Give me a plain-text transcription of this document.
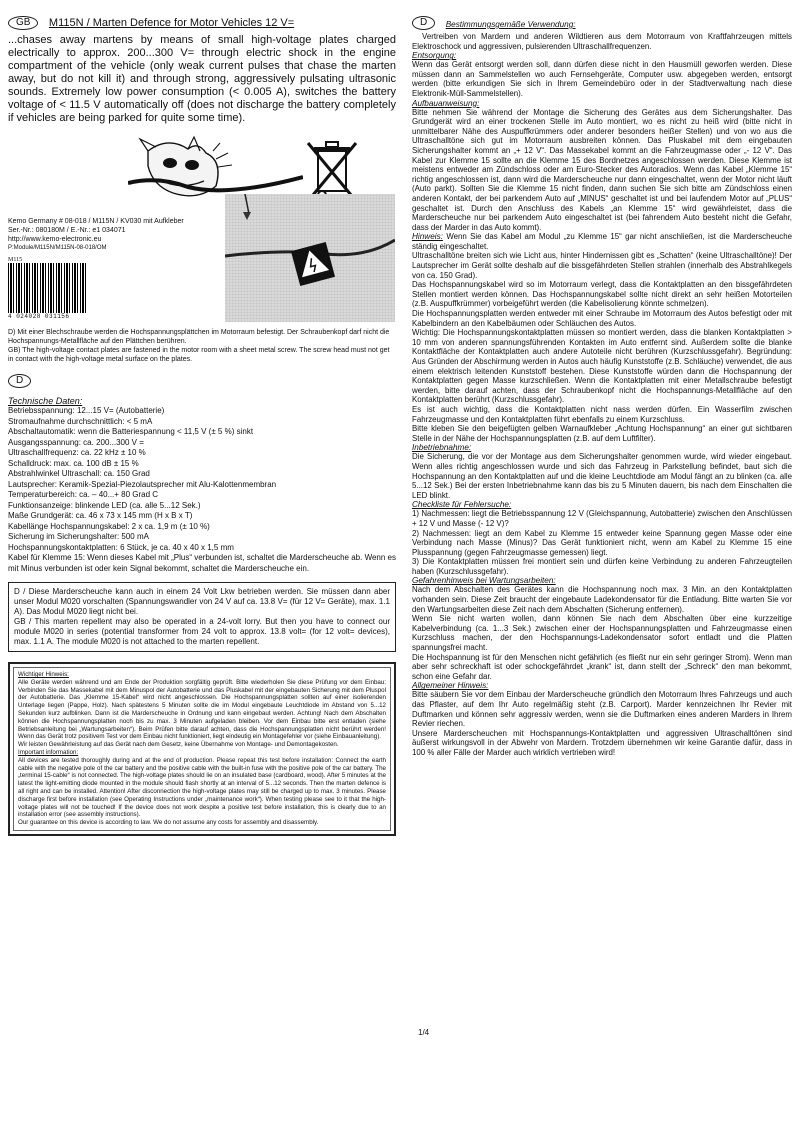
GB M115N / Marten Defence for Motor Vehicles 12 V=
...chases away martens by means of small high-voltage plates charged electrically to approx. 200...300 V= through electric shock in the engine compartment of the vehicle (only weak current pulses that chase the marten away, but do not kill it) and through strong, aggressively pulsating ultrasonic sounds. Extremely low power consumption (< 0.005 A), switches the battery voltage of < 11.5 V automatically off (does not discharge the battery completely if vehicles are being parked for quite some time).
Kemo Germany # 08-018 / M115N / KV030 mit Aufkleber
Ser.-Nr.: 080180M / E.-Nr.: e1 034071
http://www.kemo-electronic.eu
P:Module/M115N/M115N-08-018/OM
M115
4 024028 031156
D) Mit einer Blechschraube werden die Hochspannungsplättchen im Motorraum befestigt. Der Schraubenkopf darf nicht die Hochspannungs-Metallfläche auf den Plättchen berühren.
GB) The high-voltage contact plates are fastened in the motor room with a sheet metal screw. The screw head must not get in contact with the high-voltage metal surface on the plates.
D
Technische Daten:

Betriebsspannung: 12...15 V= (Autobatterie)

Stromaufnahme durchschnittlich: < 5 mA

Abschaltautomatik: wenn die Batteriespannung < 11,5 V (± 5 %) sinkt

Ausgangsspannung: ca. 200...300 V =

Ultraschallfrequenz: ca. 22 kHz ± 10 %

Schalldruck: max. ca. 100 dB ± 15 %

Abstrahlwinkel Ultraschall: ca. 150 Grad

Lautsprecher: Keramik-Spezial-Piezolautsprecher mit Alu-Kalottenmembran

Temperaturbereich: ca. – 40...+ 80 Grad C

Funktionsanzeige: blinkende LED (ca. alle 5...12 Sek.)

Maße Grundgerät: ca. 46 x 73 x 145 mm (H x B x T)

Kabellänge Hochspannungskabel: 2 x ca. 1,9 m (± 10 %)

Sicherung im Sicherungshalter: 500 mA

Hochspannungskontaktplatten: 6 Stück, je ca. 40 x 40 x 1,5 mm

Kabel für Klemme 15: Wenn dieses Kabel mit „Plus“ verbunden ist, schaltet die Marderscheuche ab. Wenn es mit Minus verbunden ist oder kein Signal bekommt, schaltet die Marderscheuche ein.

D / Diese Marderscheuche kann auch in einem 24 Volt Lkw betrieben werden. Sie müssen dann aber unser Modul M020 vorschalten (Spannungswandler von 24 V auf ca. 13.8 V= (für 12 V= Geräte), max. 1.1 A). Das Modul M020 liegt nicht bei.
GB / This marten repellent may also be operated in a 24-volt lorry. But then you have to connect our module M020 in series (potential transformer from 24 volt to approx. 13.8 volt= (for 12 volt= devices), max. 1.1 A. The module M020 is not attached to the marten repellent.
Wichtiger Hinweis:
Alle Geräte werden während und am Ende der Produktion sorgfältig geprüft. Bitte wiederholen Sie diese Prüfung vor dem Einbau: Verbinden Sie das Massekabel mit dem Minuspol der Autobatterie und das Pluskabel mit der eingebauten Sicherung mit dem Pluspol der Autobatterie. Das „Klemme 15-Kabel“ wird nicht angeschlossen. Die Hochspannungsplatten sollten auf einer isolierenden Unterlage liegen (Pappe, Holz). Nach spätestens 5 Minuten sollte die im Modul eingebaute Leuchtdiode im Abstand von 5...12 Sekunden kurz aufblinken. Dann ist die Marderscheuche in Ordnung und kann eingebaut werden. Achtung! Nach dem Abschalten können die Hochspannungsplatten noch bis zu max. 3 Minuten aufgeladen bleiben. Vor dem Einbau bitte erst entladen (siehe Betriebsanleitung bei „Wartungsarbeiten“). Beim Prüfen bitte darauf achten, dass die Hochspannungsplatten nicht berührt werden! Wenn das Gerät trotz positivem Test vor dem Einbau nicht funktioniert, liegt eindeutig ein Montagefehler vor (siehe Einbauanleitung).
Wir leisten Gewährleistung auf das Gerät nach dem Gesetz, keine Übernahme von Montage- und Demontagekosten.
Important information:
All devices are tested thoroughly during and at the end of production. Please repeat this test before installation: Connect the earth cable with the negative pole of the car battery and the positive cable with the built-in fuse with the positive pole of the car battery. The „terminal 15-cable“ is not connected. The high-voltage plates should lie on an insulated base (cardboard, wood). After 5 minutes at the latest the light-emitting diode mounted in the module should flash shortly at an interval of 5...12 seconds. Then the marten defence is all right and can be installed. Attention! After disconnection the high-voltage plates may still be charged up to max. 3 minutes. Please discharge first before installation (see Operating Instructions under „maintenance work“). When testing please see to it that the high-voltage plates will not be touched! If the device does not work despite a positive test before installation, this is clearly due to an installation error (see assembly instructions).
Our guarantee on this device is according to law. We do not assume any costs for assembly and disassembly.
D Bestimmungsgemäße Verwendung:

Vertreiben von Mardern und anderen Wildtieren aus dem Motorraum von Kraftfahrzeugen mittels Elektroschock und aggressiven, pulsierenden Ultraschallfrequenzen.

Entsorgung:

Wenn das Gerät entsorgt werden soll, dann dürfen diese nicht in den Hausmüll geworfen werden. Diese müssen dann an Sammelstellen wo auch Fernsehgeräte, Computer usw. abgegeben werden, entsorgt werden (bitte erkundigen Sie sich in Ihrem Gemeindebüro oder in der Stadtverwaltung nach diese Elektronik-Müll-Sammelstellen).

Aufbauanweisung:

Bitte nehmen Sie während der Montage die Sicherung des Gerätes aus dem Sicherungshalter. Das Grundgerät wird an einer trockenen Stelle im Auto montiert, wo es nicht zu heiß wird (bitte nicht in unmittelbarer Nähe des Auspuffkrümmers oder anderer besonders heißer Stellen) und von wo aus die Ultraschalltöne sich gut im Motorraum ausbreiten können. Das Pluskabel mit dem eingebauten Sicherungshalter kommt an „+ 12 V“. Das Massekabel kommt an die Fahrzeugmasse oder „- 12 V“. Das Kabel zur Klemme 15 sollte an die Klemme 15 des Bordnetzes angeschlossen werden. Diese Klemme ist meistens entweder am Zündschloss oder am Euro-Stecker des Autoradios. Wenn das Kabel „Klemme 15“ richtig angeschlossen ist, dann wird die Marderscheuche nur dann eingeschaltet, wenn der Motor nicht läuft (Auto parkt). Sollten Sie die Klemme 15 nicht finden, dann suchen Sie sich bitte am Zündschloss einen anderen Kontakt, der bei parkendem Auto auf „MINUS“ geschaltet ist und bei laufendem Motor auf „PLUS“ geschaltet ist. Durch den Anschluss des Kabels „an Klemme 15“ wird gewährleistet, dass die Marderscheuche nur bei parkendem Auto eingeschaltet ist (bei fahrendem Auto besteht nicht die Gefahr, dass der Marder in das Auto kommt).

Hinweis: Wenn Sie das Kabel am Modul „zu Klemme 15“ gar nicht anschließen, ist die Marderscheuche ständig eingeschaltet.

Ultraschalltöne breiten sich wie Licht aus, hinter Hindernissen gibt es „Schatten“ (keine Ultraschalltöne)! Der Lautsprecher im Gerät sollte deshalb auf die bissgefährdeten Stellen strahlen (innerhalb des Abstrahlkegels von ca. 150 Grad).

Das Hochspannungskabel wird so im Motorraum verlegt, dass die Kontaktplatten an den bissgefährdeten Stellen montiert werden können. Das Hochspannungskabel sollte nicht direkt an sehr heißen Motorteilen (z.B. Auspuffkrümmer) vorbeigeführt werden (die Kabelisolierung könnte schmelzen).

Die Hochspannungsplatten werden entweder mit einer Schraube im Motorraum des Autos befestigt oder mit Kabelbindern an den Kabelbäumen oder Schläuchen des Autos.

Wichtig: Die Hochspannungskontaktplatten müssen so montiert werden, dass die blanken Kontaktplatten > 10 mm von anderen spannungsführenden Kontakten im Auto entfernt sind. Außerdem sollte die blanke Kontaktfläche der Kontaktplatten auch andere Autoteile nicht berühren (Kurzschlussgefahr). Begründung: Aus Gründen der Abschirmung werden in Autos auch häufig Kunststoffe (z.B. Schläuche) verwendet, die aus einem elektrisch leitenden Kunststoff bestehen. Diese Kunststoffe würden dann die Hochspannung der Kontaktplatten gegen Masse kurzschließen. Wenn die Kontaktplatten mit einer Metallschraube befestigt werden, bitte darauf achten, dass der Schraubenkopf nicht die Hochspannungs-Metallfläche auf den Kontaktplatten berührt (Kurzschlussgefahr).

Es ist auch wichtig, dass die Kontaktplatten nicht nass werden dürfen. Ein Wasserfilm zwischen Fahrzeugmasse und den Kontaktplatten führt ebenfalls zu einem Kurzschluss.

Bitte kleben Sie den beigefügten gelben Warnaufkleber „Achtung Hochspannung“ an einer gut sichtbaren Stelle in der Nähe der Hochspannungsplatten (z.B. auf dem Luftfilter).

Inbetriebnahme:

Die Sicherung, die vor der Montage aus dem Sicherungshalter genommen wurde, wird wieder eingebaut. Wenn alles richtig angeschlossen wurde und sich das Fahrzeug in Parkstellung befindet, baut sich die Hochspannung an den Kontaktplatten auf und die kleine Leuchtdiode am Modul fängt an zu blinken (ca. alle 5...12 Sek.) Bei der ersten Inbetriebnahme kann das bis zu 5 Minuten dauern, bis nach dem Einschalten die LED blinkt.

Checkliste für Fehlersuche:

1) Nachmessen: liegt die Betriebsspannung 12 V (Gleichspannung, Autobatterie) zwischen den Anschlüssen + 12 V und Masse (- 12 V)?

2) Nachmessen: liegt an dem Kabel zu Klemme 15 entweder keine Spannung gegen Masse oder eine Verbindung nach Masse (Minus)? Das Gerät funktioniert nicht, wenn am Kabel zu Klemme 15 eine Plusspannung (gegen Fahrzeugmasse gemessen) liegt.

3) Die Kontaktplatten müssen frei montiert sein und dürfen keine Verbindung zu anderen Fahrzeugteilen haben (Kurzschlussgefahr).

Gefahrenhinweis bei Wartungsarbeiten:

Nach dem Abschalten des Gerätes kann die Hochspannung noch max. 3 Min. an den Kontaktplatten vorhanden sein. Diese Zeit braucht der eingebaute Ladekondensator für die Entladung. Bitte warten Sie vor den Wartungsarbeiten diese Zeit nach dem Abschalten (Sicherung entfernen).

Wenn Sie nicht warten wollen, dann können Sie nach dem Abschalten über eine kurzzeitige Kabelverbindung (ca. 1...3 Sek.) zwischen einer der Hochspannungsplatten und Fahrzeugmasse einen Kurzschluss machen, der den Hochspannungs-Ladekondensator sofort entladt und die Platten spannungsfrei macht.

Die Hochspannung ist für den Menschen nicht gefährlich (es fließt nur ein sehr geringer Strom). Wenn man aber sehr schreckhaft ist oder schockgefährdet „krank“ ist, dann stellt der „Schreck“ den man bekommt, schon eine Gefahr dar.

Allgemeiner Hinweis:

Bitte säubern Sie vor dem Einbau der Marderscheuche gründlich den Motorraum Ihres Fahrzeugs und auch das Pflaster, auf dem Ihr Auto regelmäßig steht (z.B. Carport). Marder kennzeichnen Ihr Revier mit Duftmarken und können sehr aggressiv werden, wenn sie die Duftmarken eines anderen Marders in Ihrem Revier riechen.

Unsere Marderscheuchen mit Hochspannungs-Kontaktplatten und aggressiven Ultraschalltönen sind äußerst wirkungsvoll in der Abwehr von Mardern. Trotzdem übernehmen wir keine Garantie dafür, dass in 100 % aller Fälle der Marder auch wirklich vertrieben wird!

1/4
